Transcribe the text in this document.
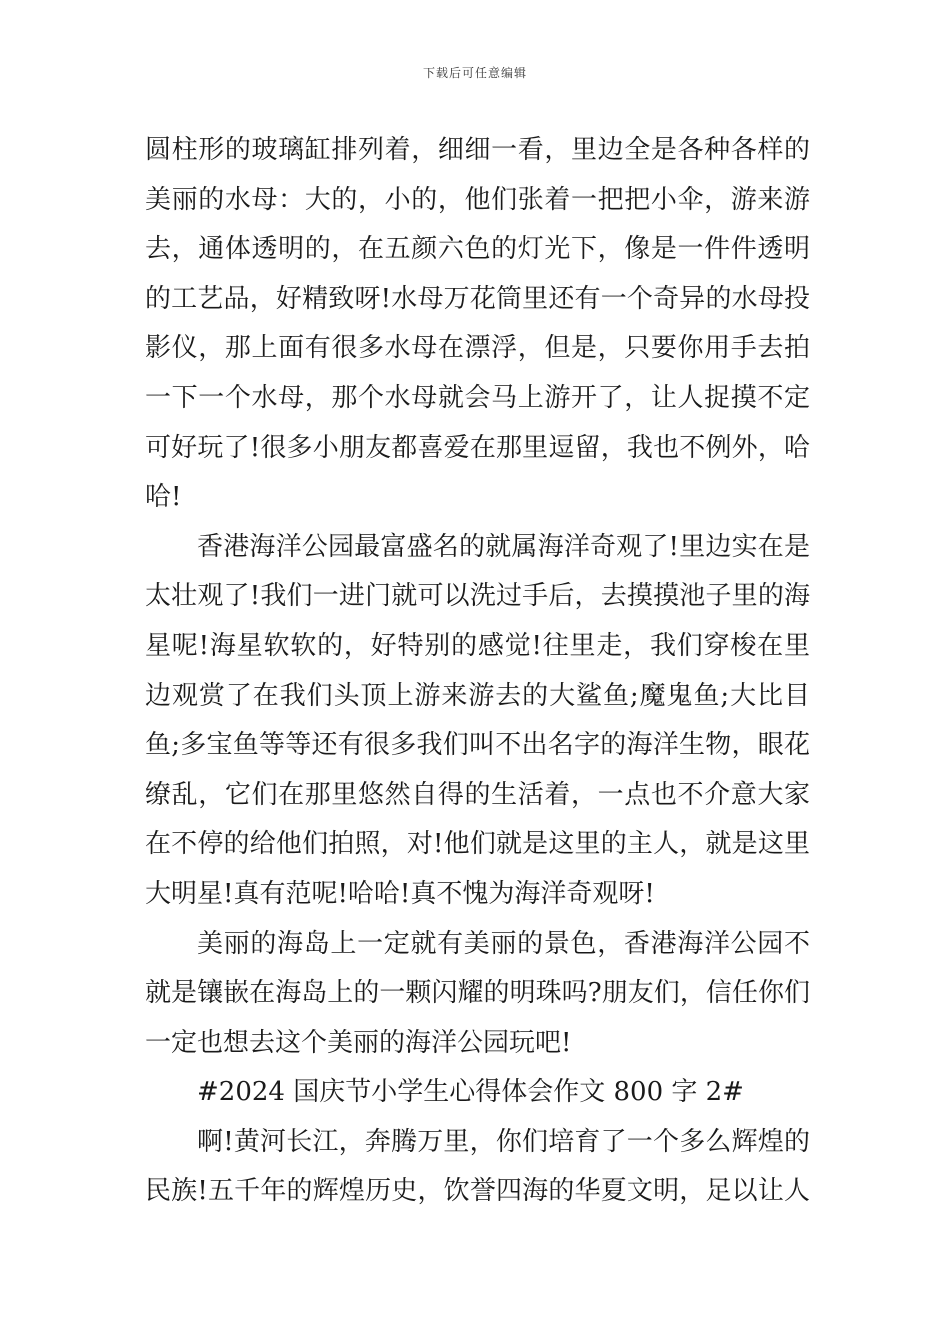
下载后可任意编辑
圆柱形的玻璃缸排列着，细细一看，里边全是各种各样的
美丽的水母：大的，小的，他们张着一把把小伞，游来游
去，通体透明的，在五颜六色的灯光下，像是一件件透明
的工艺品，好精致呀!水母万花筒里还有一个奇异的水母投
影仪，那上面有很多水母在漂浮，但是，只要你用手去拍
一下一个水母，那个水母就会马上游开了，让人捉摸不定
可好玩了!很多小朋友都喜爱在那里逗留，我也不例外，哈
哈!
香港海洋公园最富盛名的就属海洋奇观了!里边实在是
太壮观了!我们一进门就可以洗过手后，去摸摸池子里的海
星呢!海星软软的，好特别的感觉!往里走，我们穿梭在里
边观赏了在我们头顶上游来游去的大鲨鱼;魔鬼鱼;大比目
鱼;多宝鱼等等还有很多我们叫不出名字的海洋生物，眼花
缭乱，它们在那里悠然自得的生活着，一点也不介意大家
在不停的给他们拍照，对!他们就是这里的主人，就是这里
大明星!真有范呢!哈哈!真不愧为海洋奇观呀!
美丽的海岛上一定就有美丽的景色，香港海洋公园不
就是镶嵌在海岛上的一颗闪耀的明珠吗?朋友们，信任你们
一定也想去这个美丽的海洋公园玩吧!
#2024 国庆节小学生心得体会作文 800 字 2#
啊!黄河长江，奔腾万里，你们培育了一个多么辉煌的
民族!五千年的辉煌历史，饮誉四海的华夏文明，足以让人
